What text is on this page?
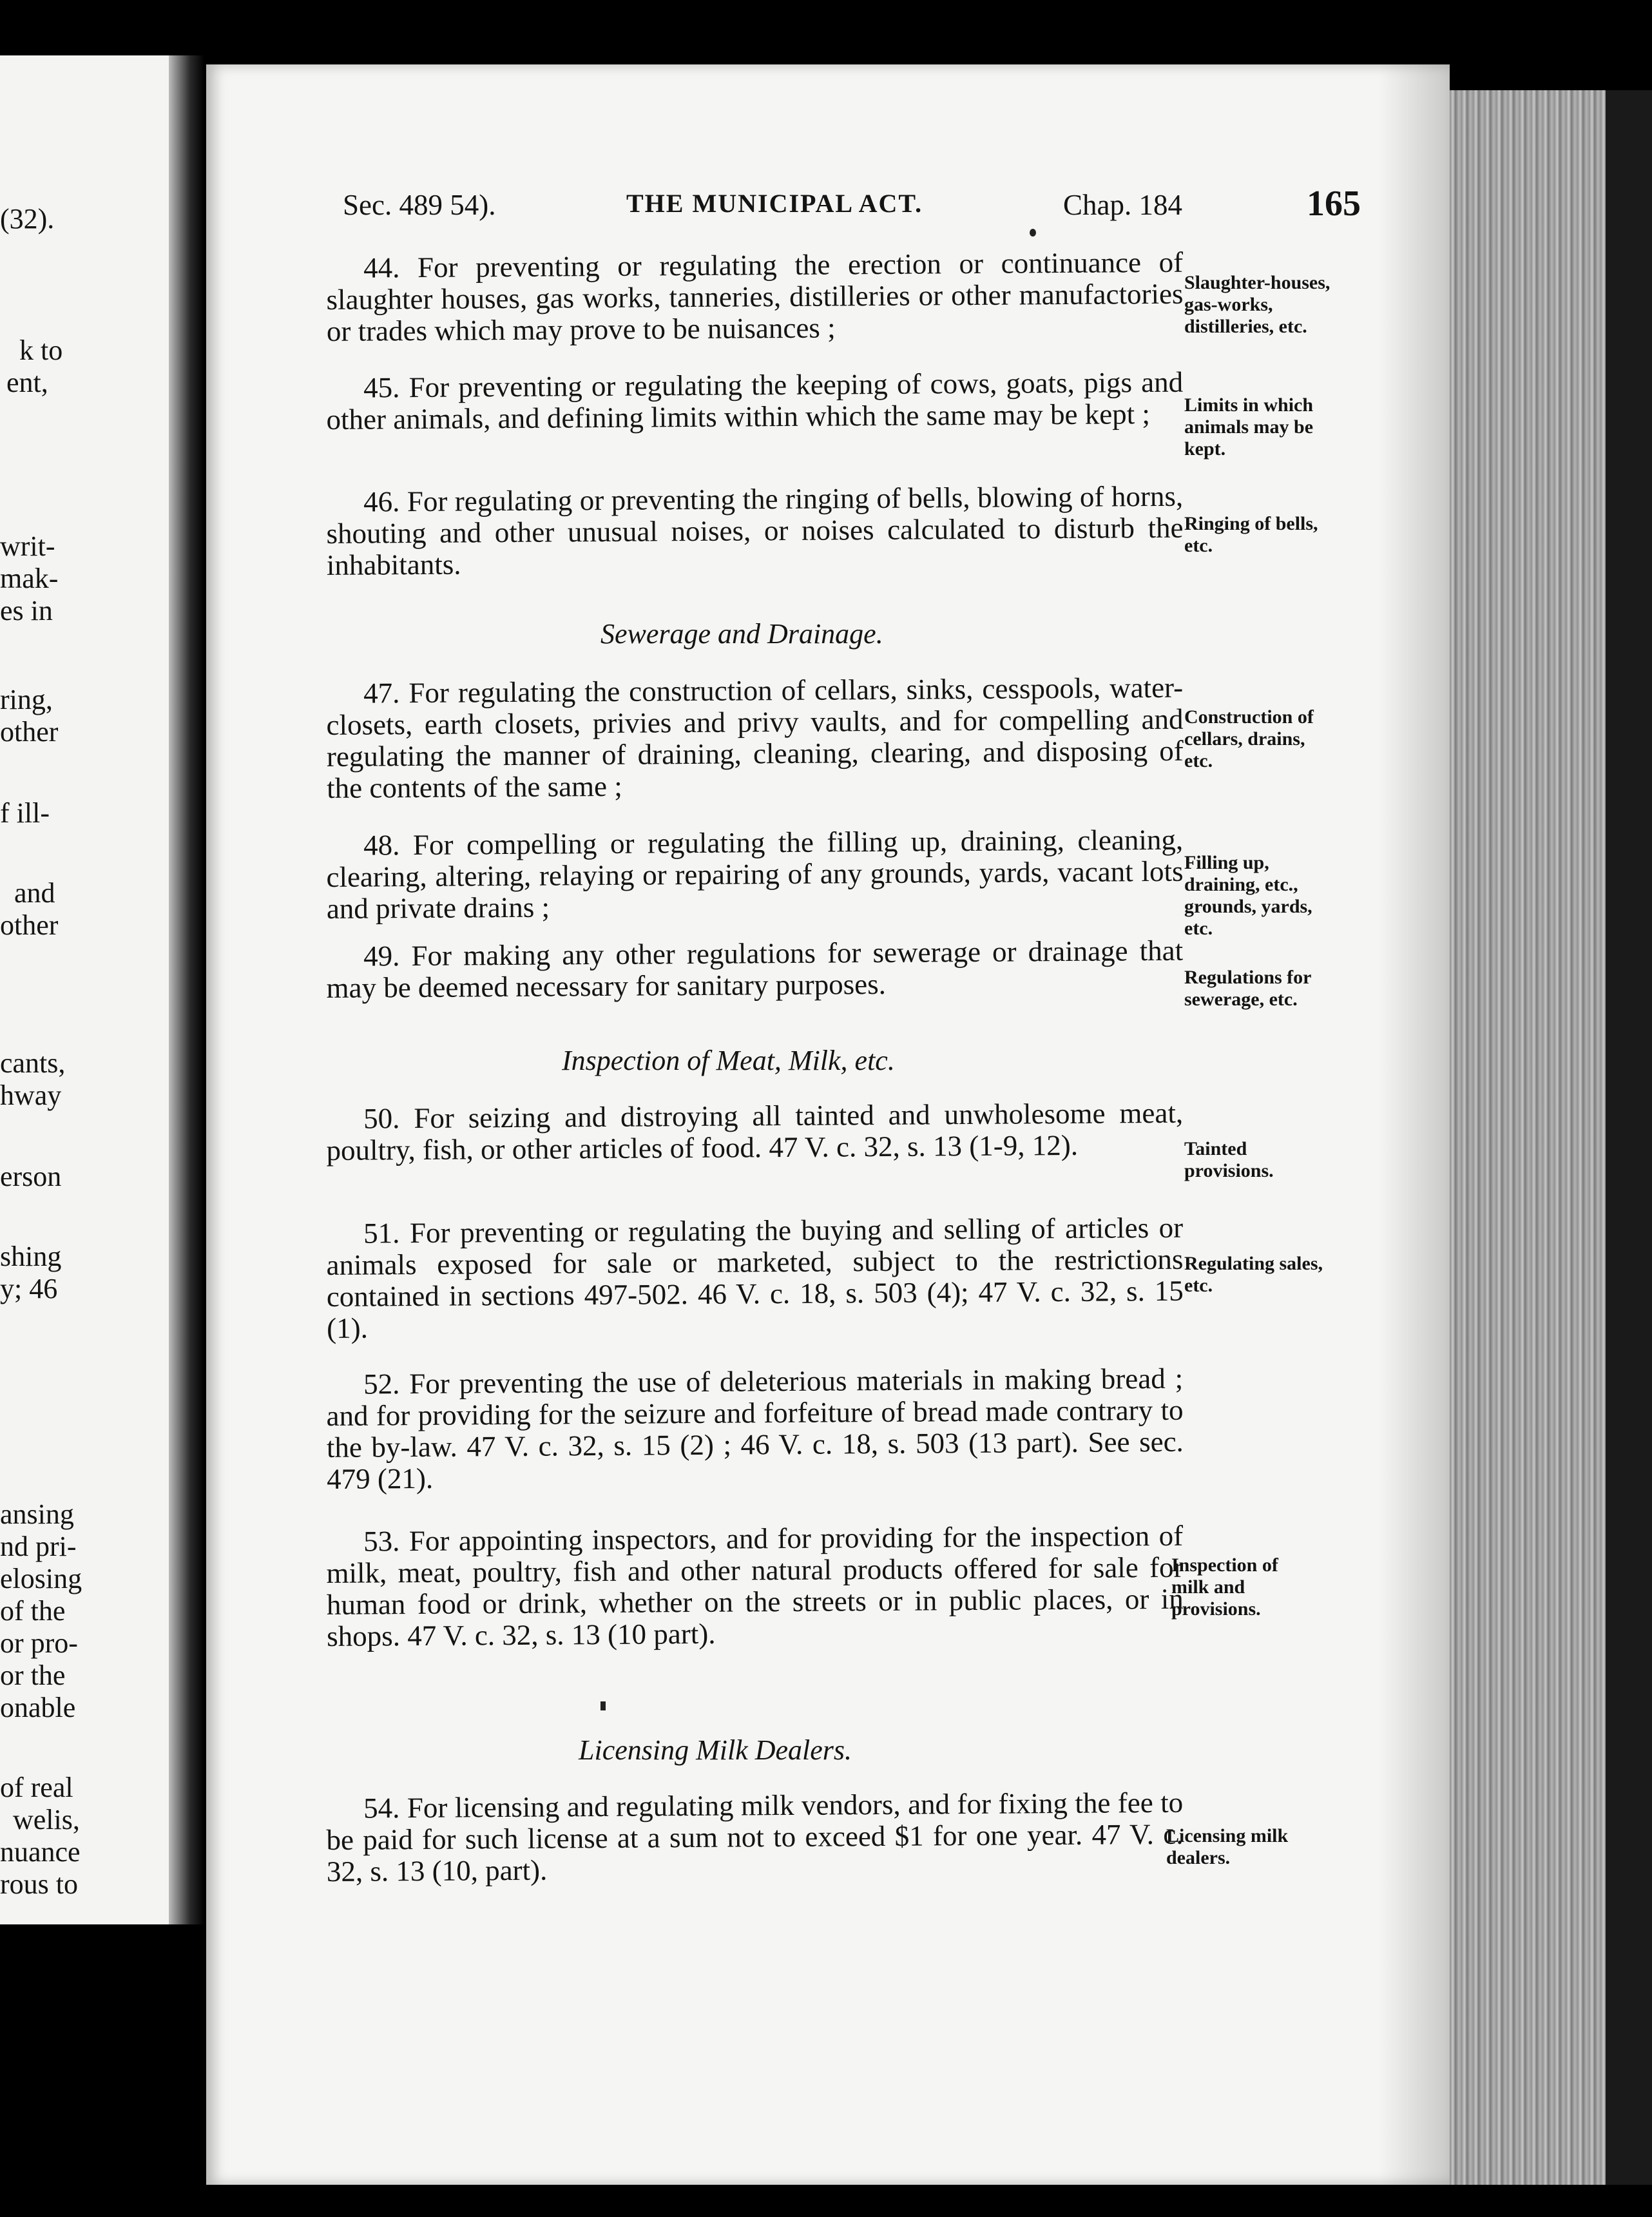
(32).
k to
ent,
writ-
mak-
es in
ring,
other
f ill-
and
other
cants,
hway
erson
shing
y; 46
ansing
nd pri-
elosing
of the
or pro-
or the
onable
of real
welis,
nuance
rous to
Sec. 489 54).	THE MUNICIPAL ACT.	Chap. 184	165
44. For preventing or regulating the erection or continuance of slaughter houses, gas works, tanneries, distilleries or other manufactories or trades which may prove to be nuisances ;
Slaughter-houses, gas-works, distilleries, etc.
45. For preventing or regulating the keeping of cows, goats, pigs and other animals, and defining limits within which the same may be kept ;	Limits in which animals may be kept.
46. For regulating or preventing the ringing of bells, blowing of horns, shouting and other unusual noises, or noises calculated to disturb the inhabitants.
Ringing of bells, etc.
Sewerage and Drainage.
47. For regulating the construction of cellars, sinks, cesspools, water-closets, earth closets, privies and privy vaults, and for compelling and regulating the manner of draining, cleaning, clearing, and disposing of the contents of the same ;
Construction of cellars, drains, etc.
48. For compelling or regulating the filling up, draining, cleaning, clearing, altering, relaying or repairing of any grounds, yards, vacant lots and private drains ;
Filling up, draining, etc., grounds, yards, etc.
49. For making any other regulations for sewerage or drainage that may be deemed necessary for sanitary purposes.	Regulations for sewerage, etc.
Inspection of Meat, Milk, etc.
50. For seizing and distroying all tainted and unwholesome meat, poultry, fish, or other articles of food. 47 V. c. 32, s. 13 (1-9, 12).	Tainted provisions.
51. For preventing or regulating the buying and selling of articles or animals exposed for sale or marketed, subject to the restrictions contained in sections 497-502. 46 V. c. 18, s. 503 (4); 47 V. c. 32, s. 15 (1).
Regulating sales, etc.
52. For preventing the use of deleterious materials in making bread ; and for providing for the seizure and forfeiture of bread made contrary to the by-law. 47 V. c. 32, s. 15 (2) ; 46 V. c. 18, s. 503 (13 part). See sec. 479 (21).
53. For appointing inspectors, and for providing for the inspection of milk, meat, poultry, fish and other natural products offered for sale for human food or drink, whether on the streets or in public places, or in shops. 47 V. c. 32, s. 13 (10 part).
Inspection of milk and provisions.
Licensing Milk Dealers.
54. For licensing and regulating milk vendors, and for fixing the fee to be paid for such license at a sum not to exceed $1 for one year. 47 V. c. 32, s. 13 (10, part).
Licensing milk dealers.
